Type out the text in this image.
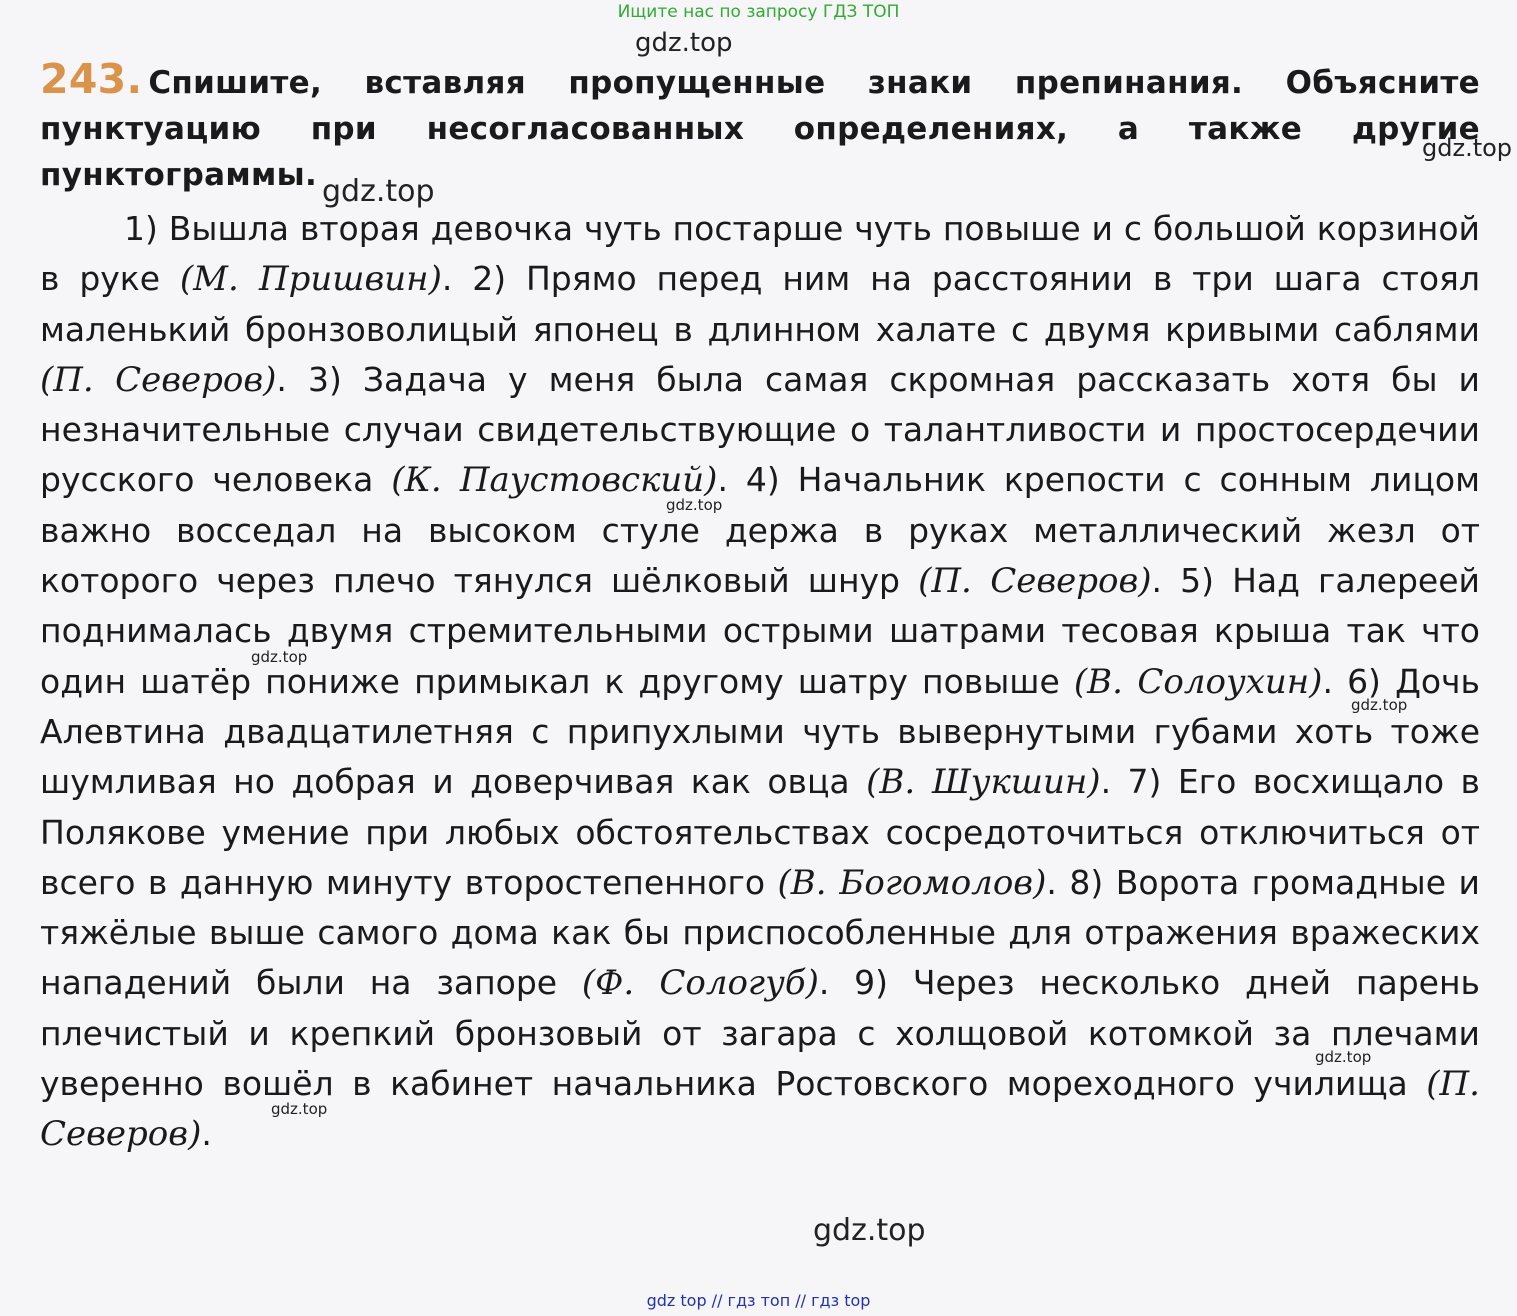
Ищите нас по запросу ГДЗ ТОП
gdz.top
gdz.top
gdz.top
gdz.top
gdz.top
gdz.top
gdz.top
gdz.top
gdz.top

243. Спишите, вставляя пропущенные знаки препинания. Объясните пунктуацию при несогласованных определениях, а также другие пунктограммы.

1) Вышла вторая девочка чуть постарше чуть повыше и с большой корзиной в руке (М. Пришвин). 2) Прямо перед ним на расстоянии в три шага стоял маленький бронзоволицый японец в длинном халате с двумя кривыми саблями (П. Северов). 3) Задача у меня была самая скромная рассказать хотя бы и незначительные случаи свидетельствующие о талантливости и простосердечии русского человека (К. Паустовский). 4) Начальник крепости с сонным лицом важно восседал на высоком стуле держа в руках металлический жезл от которого через плечо тянулся шёлковый шнур (П. Северов). 5) Над галереей поднималась двумя стремительными острыми шатрами тесовая крыша так что один шатёр пониже примыкал к другому шатру повыше (В. Солоухин). 6) Дочь Алевтина двадцатилетняя с припухлыми чуть вывернутыми губами хоть тоже шумливая но добрая и доверчивая как овца (В. Шукшин). 7) Его восхищало в Полякове умение при любых обстоятельствах сосредоточиться отключиться от всего в данную минуту второстепенного (В. Богомолов). 8) Ворота громадные и тяжёлые выше самого дома как бы приспособленные для отражения вражеских нападений были на запоре (Ф. Сологуб). 9) Через несколько дней парень плечистый и крепкий бронзовый от загара с холщовой котомкой за плечами уверенно вошёл в кабинет начальника Ростовского мореходного училища (П. Северов).

gdz top // гдз топ // гдз top
